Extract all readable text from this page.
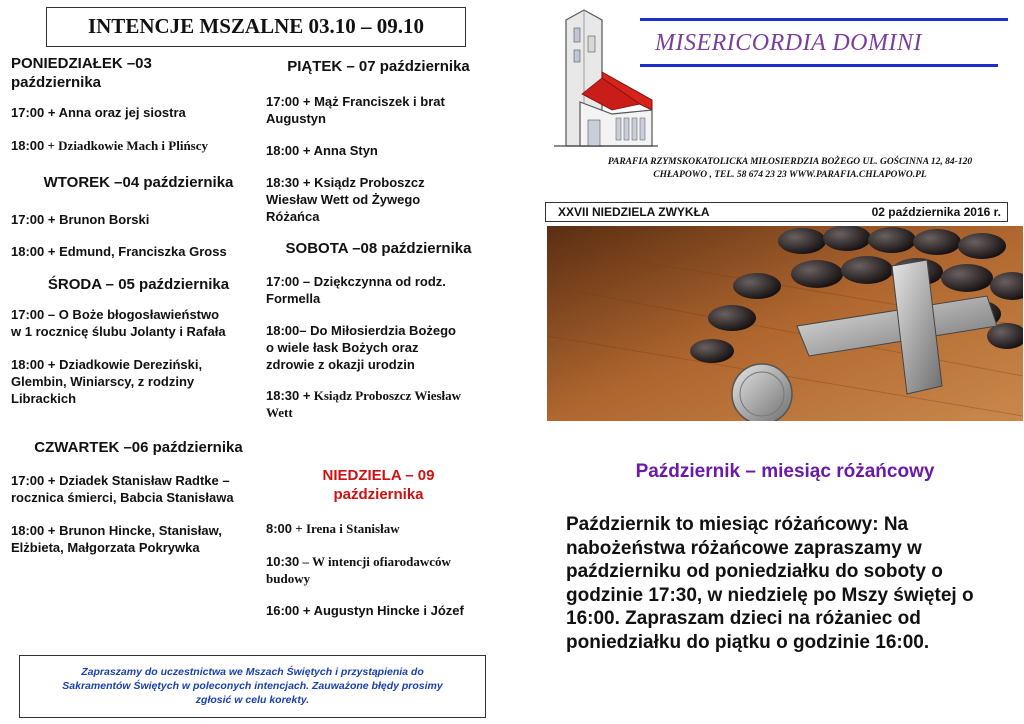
INTENCJE MSZALNE 03.10 – 09.10
PONIEDZIAŁEK –03
października
17:00 + Anna oraz jej siostra
18:00 + Dziadkowie Mach i Plińscy
WTOREK –04 października
17:00 + Brunon Borski
18:00 + Edmund, Franciszka Gross
ŚRODA – 05 października
17:00 – O Boże błogosławieństwo
w 1 rocznicę ślubu Jolanty i Rafała
18:00 + Dziadkowie Dereziński,
Glembin, Winiarscy, z rodziny
Librackich
CZWARTEK –06 października
17:00 + Dziadek Stanisław Radtke –
rocznica śmierci, Babcia Stanisława
18:00 + Brunon Hincke, Stanisław,
Elżbieta, Małgorzata Pokrywka
PIĄTEK – 07 października
17:00 + Mąż Franciszek i brat
Augustyn
18:00 + Anna Styn
18:30 + Ksiądz Proboszcz
Wiesław Wett od Żywego
Różańca
SOBOTA –08 października
17:00 – Dziękczynna od rodz.
Formella
18:00– Do Miłosierdzia Bożego
o wiele łask Bożych oraz
zdrowie z okazji urodzin
18:30 + Ksiądz Proboszcz Wiesław
Wett
NIEDZIELA – 09
października
8:00 + Irena i Stanisław
10:30 – W intencji ofiarodawców
budowy
16:00 + Augustyn Hincke i Józef
Zapraszamy do uczestnictwa we Mszach Świętych i przystąpienia do
Sakramentów Świętych w poleconych intencjach. Zauważone błędy prosimy
zgłosić w celu korekty.
MISERICORDIA DOMINI
PARAFIA RZYMSKOKATOLICKA MIŁOSIERDZIA BOŻEGO UL. GOŚCINNA 12, 84-120
CHŁAPOWO , TEL. 58 674 23 23 WWW.PARAFIA.CHLAPOWO.PL
XXVII NIEDZIELA ZWYKŁA	02 października 2016 r.
Październik – miesiąc różańcowy
Październik to miesiąc różańcowy: Na nabożeństwa różańcowe zapraszamy w październiku od poniedziałku do soboty o godzinie 17:30, w niedzielę po Mszy świętej o 16:00. Zapraszam dzieci na różaniec od poniedziałku do piątku o godzinie 16:00.
